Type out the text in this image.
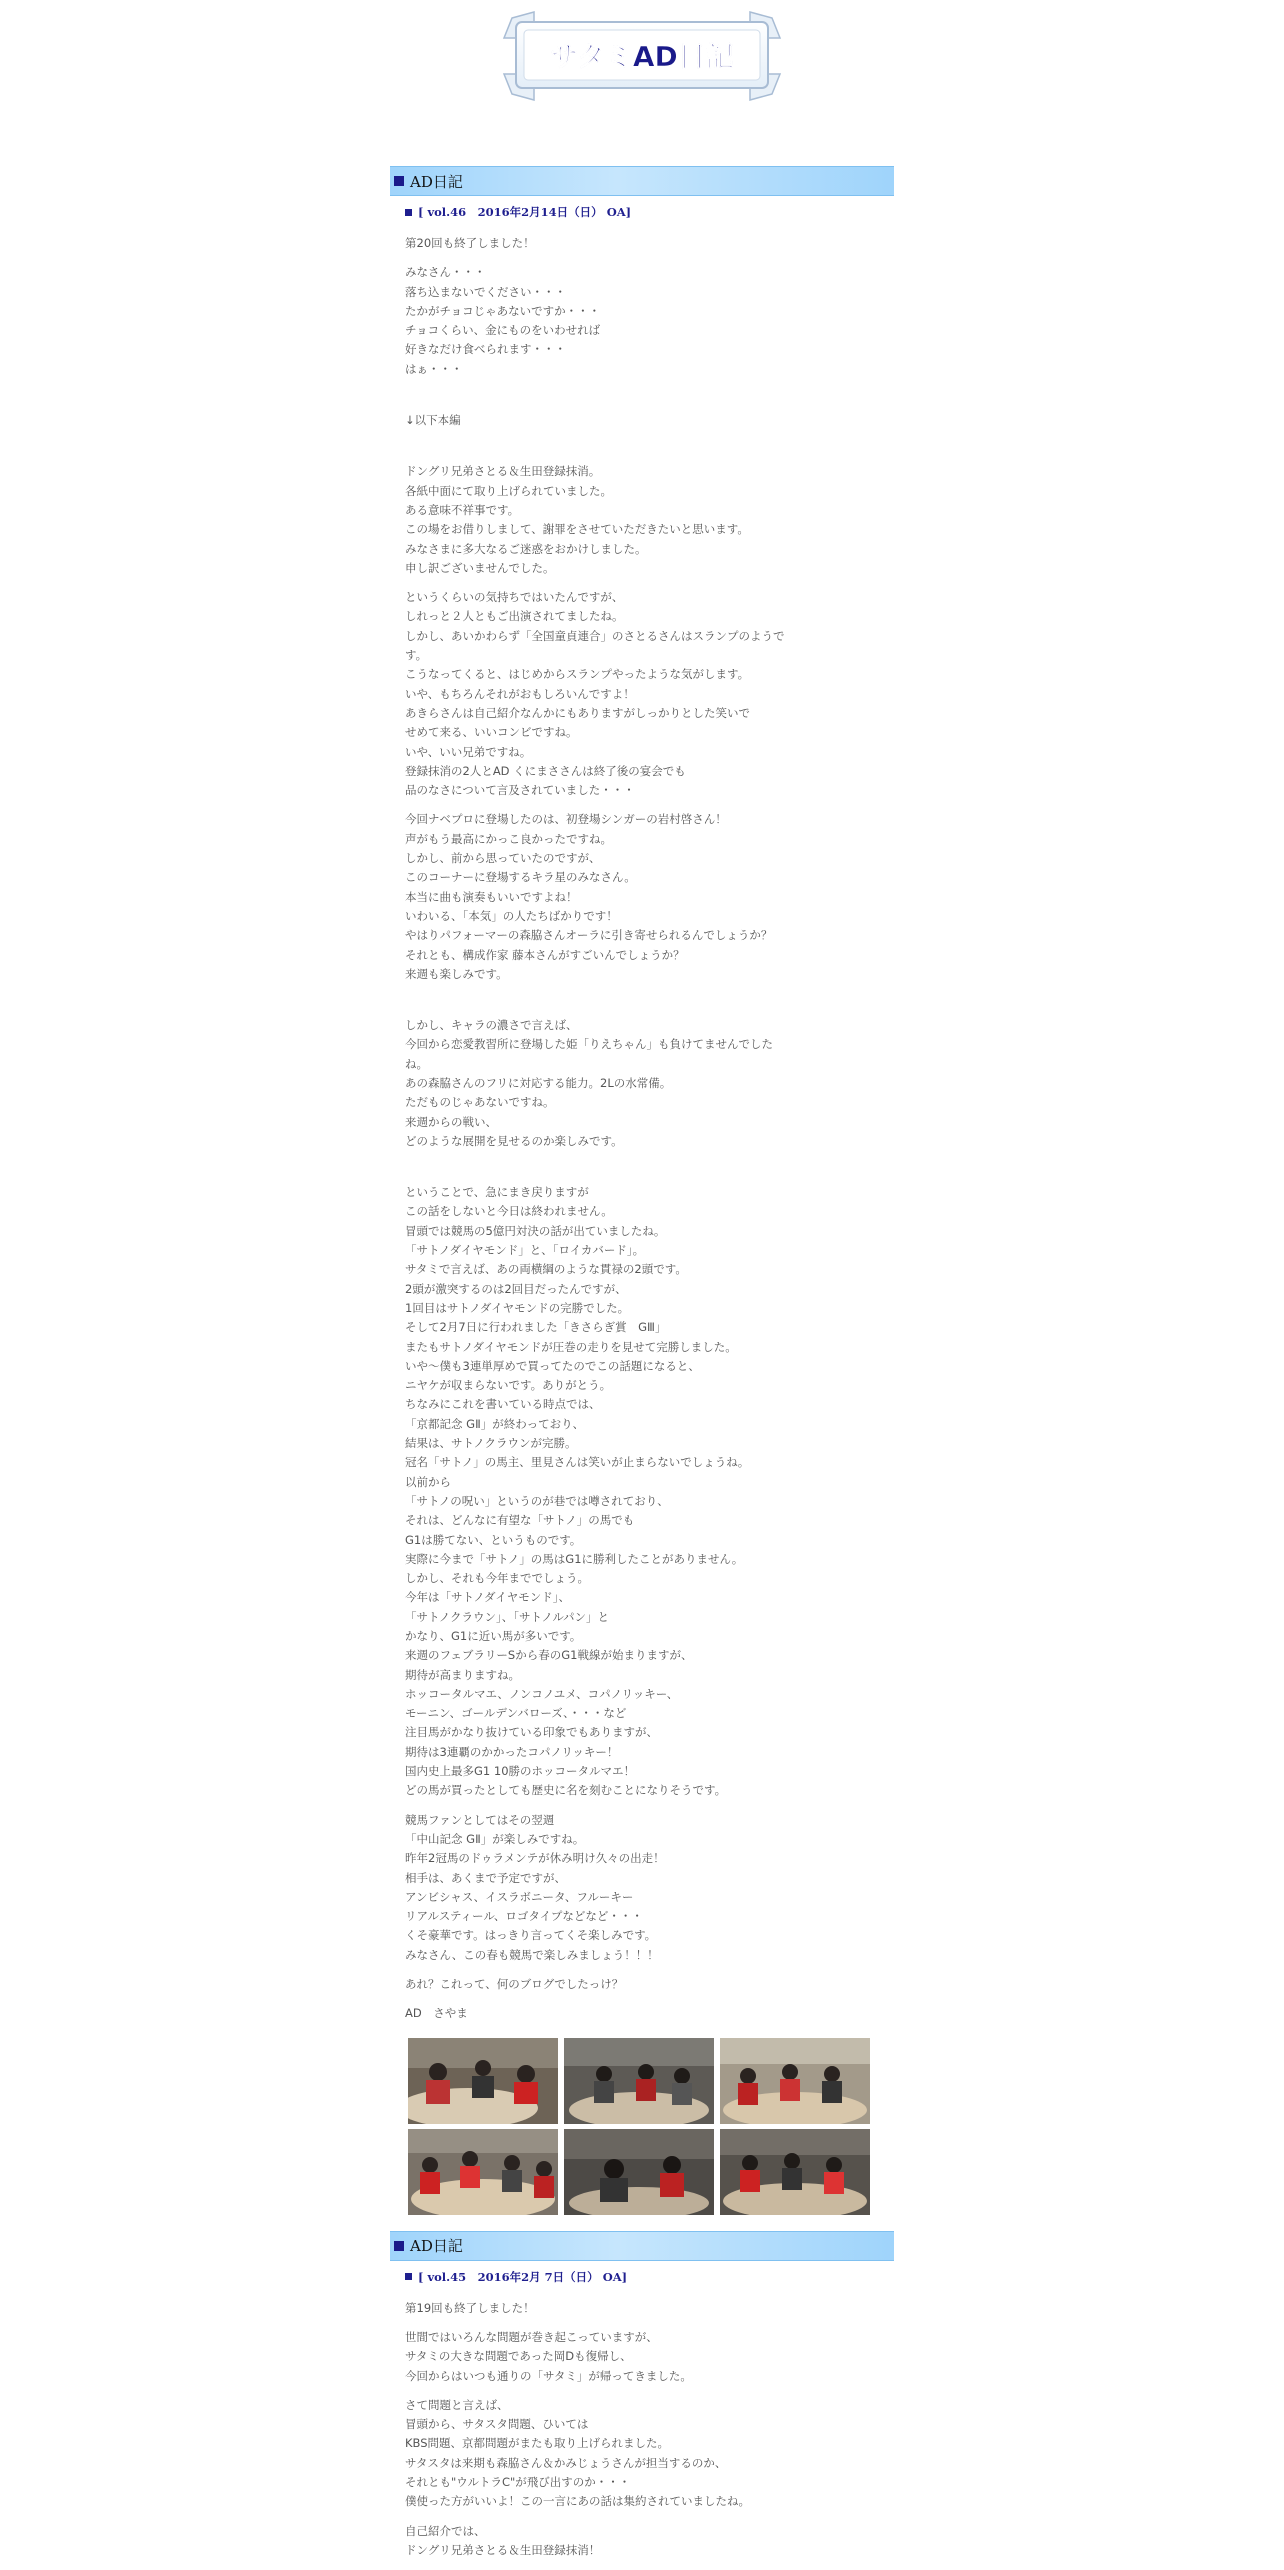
サタミAD日記
AD日記
[ vol.46　2016年2月14日（日） OA]

第20回も終了しました！

みなさん・・・
落ち込まないでください・・・
たかがチョコじゃあないですか・・・
チョコくらい、金にものをいわせれば
好きなだけ食べられます・・・
はぁ・・・

↓以下本編

ドングリ兄弟さとる＆生田登録抹消。
各紙中面にて取り上げられていました。
ある意味不祥事です。
この場をお借りしまして、謝罪をさせていただきたいと思います。
みなさまに多大なるご迷惑をおかけしました。
申し訳ございませんでした。

というくらいの気持ちではいたんですが、
しれっと２人ともご出演されてましたね。
しかし、あいかわらず「全国童貞連合」のさとるさんはスランプのようで
す。
こうなってくると、はじめからスランプやったような気がします。
いや、もちろんそれがおもしろいんですよ！
あきらさんは自己紹介なんかにもありますがしっかりとした笑いで
せめて来る、いいコンビですね。
いや、いい兄弟ですね。
登録抹消の2人とAD くにまささんは終了後の宴会でも
品のなさについて言及されていました・・・

今回ナベプロに登場したのは、初登場シンガーの岩村啓さん！
声がもう最高にかっこ良かったですね。
しかし、前から思っていたのですが、
このコーナーに登場するキラ星のみなさん。
本当に曲も演奏もいいですよね！
いわいる、「本気」の人たちばかりです！
やはりパフォーマーの森脇さんオーラに引き寄せられるんでしょうか？
それとも、構成作家 藤本さんがすごいんでしょうか？
来週も楽しみです。

しかし、キャラの濃さで言えば、
今回から恋愛教習所に登場した姫「りえちゃん」も負けてませんでした
ね。
あの森脇さんのフリに対応する能力。2Lの水常備。
ただものじゃあないですね。
来週からの戦い、
どのような展開を見せるのか楽しみです。

ということで、急にまき戻りますが
この話をしないと今日は終われません。
冒頭では競馬の5億円対決の話が出ていましたね。
「サトノダイヤモンド」と、「ロイカバード」。
サタミで言えば、あの両横綱のような貫禄の2頭です。
2頭が激突するのは2回目だったんですが、
1回目はサトノダイヤモンドの完勝でした。
そして2月7日に行われました「きさらぎ賞　GⅢ」
またもサトノダイヤモンドが圧巻の走りを見せて完勝しました。
いや〜僕も3連単厚めで買ってたのでこの話題になると、
ニヤケが収まらないです。ありがとう。
ちなみにこれを書いている時点では、
「京都記念 GⅡ」が終わっており、
結果は、サトノクラウンが完勝。
冠名「サトノ」の馬主、里見さんは笑いが止まらないでしょうね。
以前から
「サトノの呪い」というのが巷では噂されており、
それは、どんなに有望な「サトノ」の馬でも
G1は勝てない、というものです。
実際に今まで「サトノ」の馬はG1に勝利したことがありません。
しかし、それも今年まででしょう。
今年は「サトノダイヤモンド」、
「サトノクラウン」、「サトノルパン」と
かなり、G1に近い馬が多いです。
来週のフェブラリーSから春のG1戦線が始まりますが、
期待が高まりますね。
ホッコータルマエ、ノンコノユメ、コパノリッキー、
モーニン、ゴールデンバローズ、・・・など
注目馬がかなり抜けている印象でもありますが、
期待は3連覇のかかったコパノリッキー！
国内史上最多G1 10勝のホッコータルマエ！
どの馬が買ったとしても歴史に名を刻むことになりそうです。

競馬ファンとしてはその翌週
「中山記念 GⅡ」が楽しみですね。
昨年2冠馬のドゥラメンテが休み明け久々の出走！
相手は、あくまで予定ですが、
アンビシャス、イスラボニータ、フルーキー
リアルスティール、ロゴタイプなどなど・・・
くそ豪華です。はっきり言ってくそ楽しみです。
みなさん、この春も競馬で楽しみましょう！！！

あれ？これって、何のブログでしたっけ？

AD　さやま

AD日記
[ vol.45　2016年2月 7日（日） OA]

第19回も終了しました！

世間ではいろんな問題が巻き起こっていますが、
サタミの大きな問題であった岡Dも復帰し、
今回からはいつも通りの「サタミ」が帰ってきました。

さて問題と言えば、
冒頭から、サタスタ問題、ひいては
KBS問題、京都問題がまたも取り上げられました。
サタスタは来期も森脇さん＆かみじょうさんが担当するのか、
それとも"ウルトラC"が飛び出すのか・・・
僕使った方がいいよ！この一言にあの話は集約されていましたね。

自己紹介では、
ドングリ兄弟さとる＆生田登録抹消！
